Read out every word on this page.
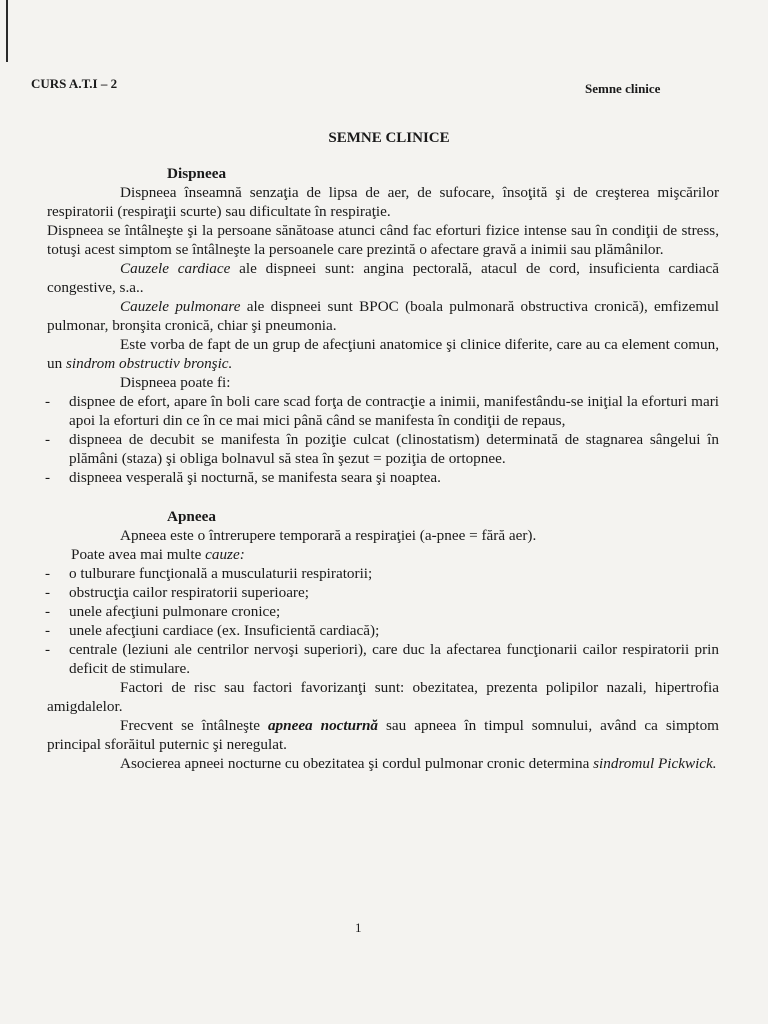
CURS A.T.I – 2	Semne clinice
SEMNE CLINICE

Dispneea

Dispneea înseamnă senzaţia de lipsa de aer, de sufocare, însoţită şi de creşterea mişcărilor respiratorii (respiraţii scurte) sau dificultate în respiraţie.

Dispneea se întâlneşte şi la persoane sănătoase atunci când fac eforturi fizice intense sau în condiţii de stress, totuşi acest simptom se întâlneşte la persoanele care prezintă o afectare gravă a inimii sau plămânilor.

Cauzele cardiace ale dispneei sunt: angina pectorală, atacul de cord, insuficienta cardiacă congestive, s.a..

Cauzele pulmonare ale dispneei sunt BPOC (boala pulmonară obstructiva cronică), emfizemul pulmonar, bronşita cronică, chiar şi pneumonia.

Este vorba de fapt de un grup de afecţiuni anatomice şi clinice diferite, care au ca element comun, un sindrom obstructiv bronşic.

Dispneea poate fi:

- dispnee de efort, apare în boli care scad forţa de contracţie a inimii, manifestându-se iniţial la eforturi mari apoi la eforturi din ce în ce mai mici până când se manifesta în condiţii de repaus,

- dispneea de decubit se manifesta în poziţie culcat (clinostatism) determinată de stagnarea sângelui în plămâni (staza) şi obliga bolnavul să stea în şezut = poziţia de ortopnee.

- dispneea vesperală şi nocturnă, se manifesta seara şi noaptea.

Apneea

Apneea este o întrerupere temporară a respiraţiei (a-pnee = fără aer).

Poate avea mai multe cauze:

- o tulburare funcţională a musculaturii respiratorii;

- obstrucţia cailor respiratorii superioare;

- unele afecţiuni pulmonare cronice;

- unele afecţiuni cardiace (ex. Insuficientă cardiacă);

- centrale (leziuni ale centrilor nervoşi superiori), care duc la afectarea funcţionarii cailor respiratorii prin deficit de stimulare.

Factori de risc sau factori favorizanţi sunt: obezitatea, prezenta polipilor nazali, hipertrofia amigdalelor.

Frecvent se întâlneşte apneea nocturnă sau apneea în timpul somnului, având ca simptom principal sforăitul puternic şi neregulat.

Asocierea apneei nocturne cu obezitatea şi cordul pulmonar cronic determina sindromul Pickwick.

1
